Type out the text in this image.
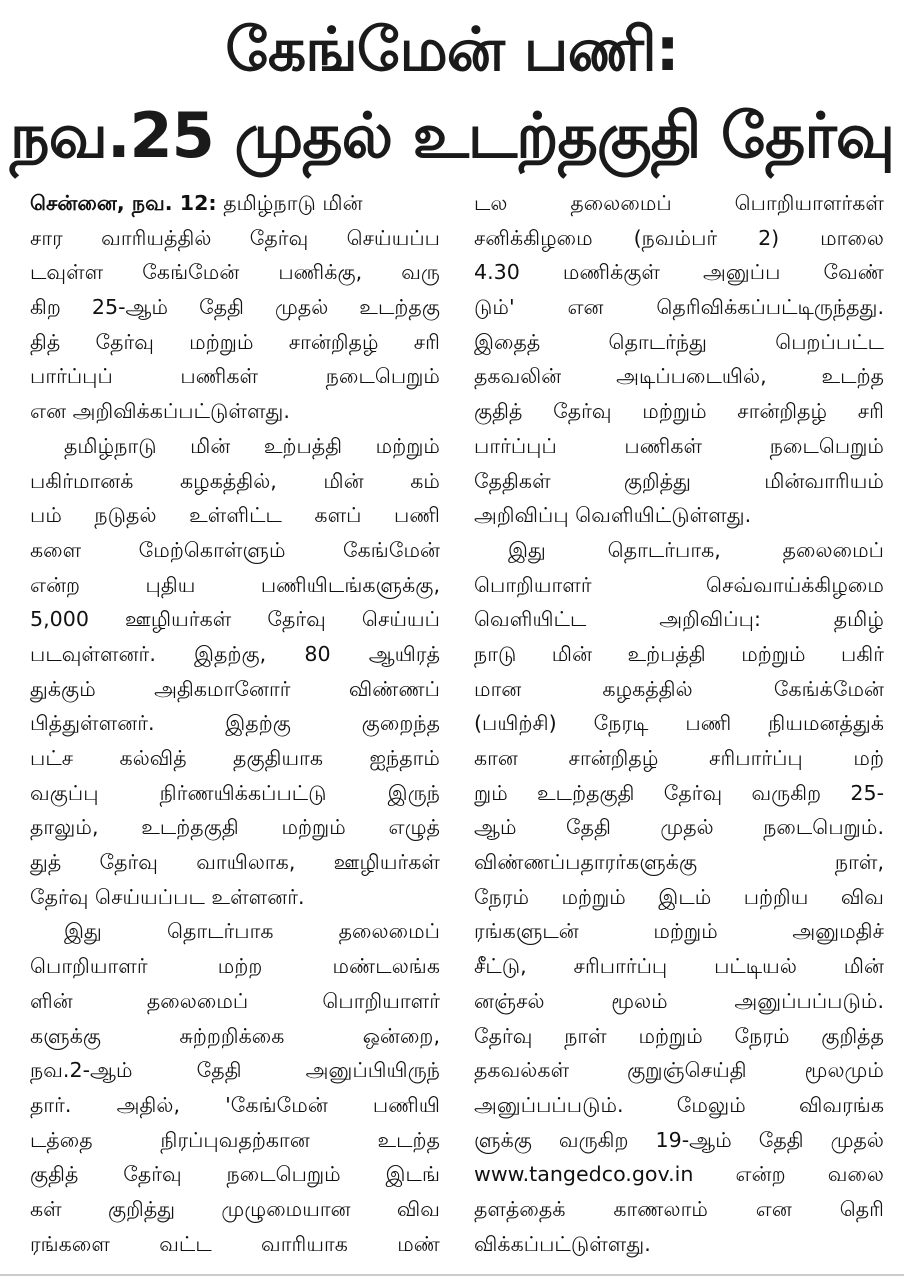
கேங்மேன் பணி:
நவ.25 முதல் உடற்தகுதி தேர்வு
சென்னை, நவ. 12: தமிழ்நாடு மின்
சார வாரியத்தில் தேர்வு செய்யப்ப
டவுள்ள கேங்மேன் பணிக்கு, வரு
கிற 25-ஆம் தேதி முதல் உடற்தகு
தித் தேர்வு மற்றும் சான்றிதழ் சரி
பார்ப்புப் பணிகள் நடைபெறும்
என அறிவிக்கப்பட்டுள்ளது.
தமிழ்நாடு மின் உற்பத்தி மற்றும்
பகிர்மானக் கழகத்தில், மின் கம்
பம் நடுதல் உள்ளிட்ட களப் பணி
களை மேற்கொள்ளும் கேங்மேன்
என்ற புதிய பணியிடங்களுக்கு,
5,000 ஊழியர்கள் தேர்வு செய்யப்
படவுள்ளனர். இதற்கு, 80 ஆயிரத்
துக்கும் அதிகமானோர் விண்ணப்
பித்துள்ளனர். இதற்கு குறைந்த
பட்ச கல்வித் தகுதியாக ஐந்தாம்
வகுப்பு நிர்ணயிக்கப்பட்டு இருந்
தாலும், உடற்தகுதி மற்றும் எழுத்
துத் தேர்வு வாயிலாக, ஊழியர்கள்
தேர்வு செய்யப்பட உள்ளனர்.
இது தொடர்பாக தலைமைப்
பொறியாளர் மற்ற மண்டலங்க
ளின் தலைமைப் பொறியாளர்
களுக்கு சுற்றறிக்கை ஒன்றை,
நவ.2-ஆம் தேதி அனுப்பியிருந்
தார். அதில், 'கேங்மேன் பணியி
டத்தை நிரப்புவதற்கான உடற்த
குதித் தேர்வு நடைபெறும் இடங்
கள் குறித்து முழுமையான விவ
ரங்களை வட்ட வாரியாக மண்
டல தலைமைப் பொறியாளர்கள்
சனிக்கிழமை (நவம்பர் 2) மாலை
4.30 மணிக்குள் அனுப்ப வேண்
டும்' என தெரிவிக்கப்பட்டிருந்தது.
இதைத் தொடர்ந்து பெறப்பட்ட
தகவலின் அடிப்படையில், உடற்த
குதித் தேர்வு மற்றும் சான்றிதழ் சரி
பார்ப்புப் பணிகள் நடைபெறும்
தேதிகள் குறித்து மின்வாரியம்
அறிவிப்பு வெளியிட்டுள்ளது.
இது தொடர்பாக, தலைமைப்
பொறியாளர் செவ்வாய்க்கிழமை
வெளியிட்ட அறிவிப்பு: தமிழ்
நாடு மின் உற்பத்தி மற்றும் பகிர்
மான கழகத்தில் கேங்க்மேன்
(பயிற்சி) நேரடி பணி நியமனத்துக்
கான சான்றிதழ் சரிபார்ப்பு மற்
றும் உடற்தகுதி தேர்வு வருகிற 25-
ஆம் தேதி முதல் நடைபெறும்.
விண்ணப்பதாரர்களுக்கு நாள்,
நேரம் மற்றும் இடம் பற்றிய விவ
ரங்களுடன் மற்றும் அனுமதிச்
சீட்டு, சரிபார்ப்பு பட்டியல் மின்
னஞ்சல் மூலம் அனுப்பப்படும்.
தேர்வு நாள் மற்றும் நேரம் குறித்த
தகவல்கள் குறுஞ்செய்தி மூலமும்
அனுப்பப்படும். மேலும் விவரங்க
ளுக்கு வருகிற 19-ஆம் தேதி முதல்
www.tangedco.gov.in என்ற வலை
தளத்தைக் காணலாம் என தெரி
விக்கப்பட்டுள்ளது.
